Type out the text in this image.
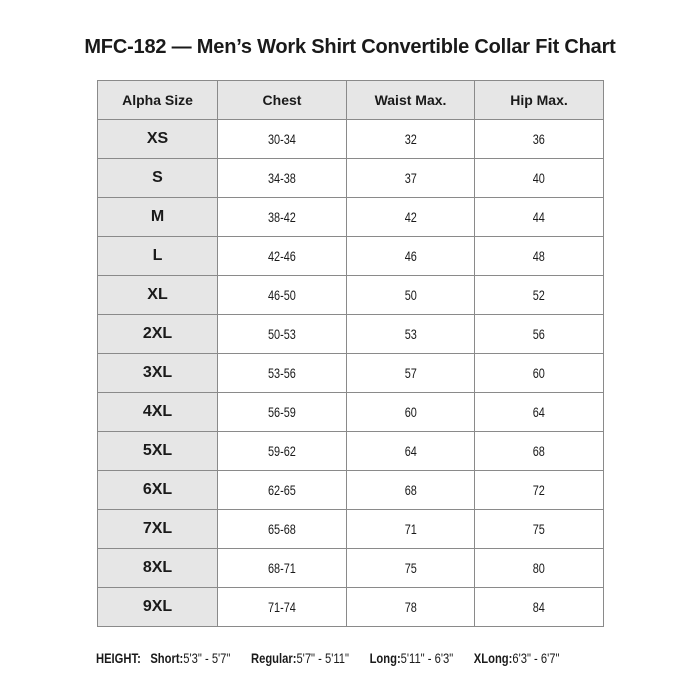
MFC-182 — Men’s Work Shirt Convertible Collar Fit Chart
Alpha Size	Chest	Waist Max.	Hip Max.
XS	30-34	32	36
S	34-38	37	40
M	38-42	42	44
L	42-46	46	48
XL	46-50	50	52
2XL	50-53	53	56
3XL	53-56	57	60
4XL	56-59	60	64
5XL	59-62	64	68
6XL	62-65	68	72
7XL	65-68	71	75
8XL	68-71	75	80
9XL	71-74	78	84
HEIGHT: Short:5'3" - 5'7" Regular:5'7" - 5'11" Long:5'11" - 6'3" XLong:6'3" - 6'7"
